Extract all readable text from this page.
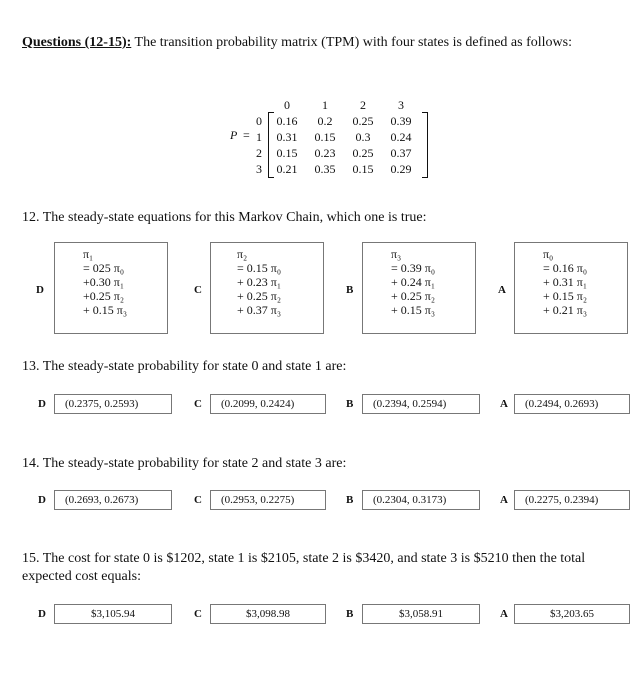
Questions (12-15): The transition probability matrix (TPM) with four states is defined as follows:
P =
0	1	2	3
0	0.16	0.2	0.25	0.39
1	0.31	0.15	0.3	0.24
2	0.15	0.23	0.25	0.37
3	0.21	0.35	0.15	0.29
12. The steady-state equations for this Markov Chain, which one is true:
D
π₁
= 025 π₀
+0.30 π₁
+0.25 π₂
+ 0.15 π₃
C
π₂
= 0.15 π₀
+ 0.23 π₁
+ 0.25 π₂
+ 0.37 π₃
B
π₃
= 0.39 π₀
+ 0.24 π₁
+ 0.25 π₂
+ 0.15 π₃
A
π₀
= 0.16 π₀
+ 0.31 π₁
+ 0.15 π₂
+ 0.21 π₃
13. The steady-state probability for state 0 and state 1 are:
D	(0.2375, 0.2593)	C	(0.2099, 0.2424)	B	(0.2394, 0.2594)	A	(0.2494, 0.2693)
14. The steady-state probability for state 2 and state 3 are:
D	(0.2693, 0.2673)	C	(0.2953, 0.2275)	B	(0.2304, 0.3173)	A	(0.2275, 0.2394)
15. The cost for state 0 is $1202, state 1 is $2105, state 2 is $3420, and state 3 is $5210 then the total expected cost equals:
D	$3,105.94	C	$3,098.98	B	$3,058.91	A	$3,203.65
